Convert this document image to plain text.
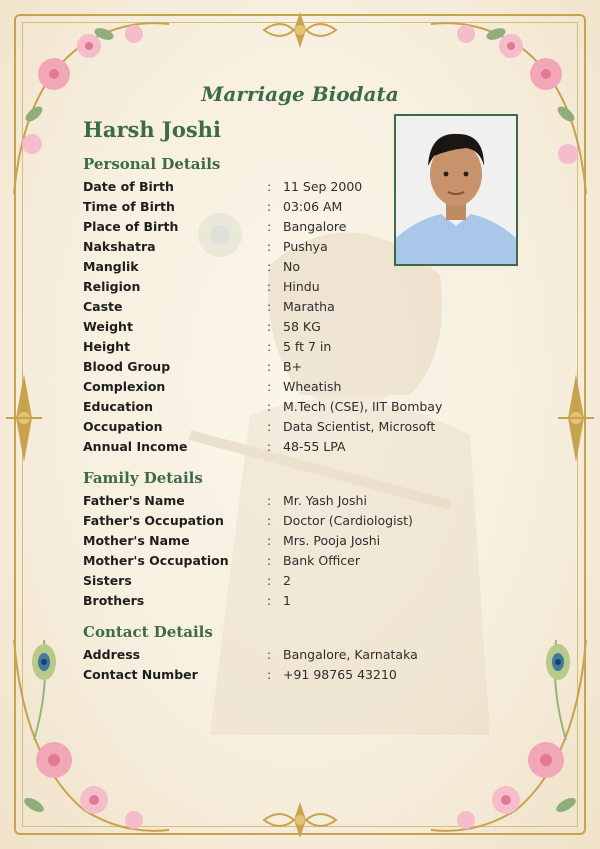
Marriage Biodata
Harsh Joshi
Personal Details
Date of Birth	: 11 Sep 2000
Time of Birth	: 03:06 AM
Place of Birth	: Bangalore
Nakshatra	: Pushya
Manglik	: No
Religion	: Hindu
Caste	: Maratha
Weight	: 58 KG
Height	: 5 ft 7 in
Blood Group	: B+
Complexion	: Wheatish
Education	: M.Tech (CSE), IIT Bombay
Occupation	: Data Scientist, Microsoft
Annual Income	: 48-55 LPA
Family Details
Father's Name	: Mr. Yash Joshi
Father's Occupation	: Doctor (Cardiologist)
Mother's Name	: Mrs. Pooja Joshi
Mother's Occupation	: Bank Officer
Sisters	: 2
Brothers	: 1
Contact Details
Address	: Bangalore, Karnataka
Contact Number	: +91 98765 43210
